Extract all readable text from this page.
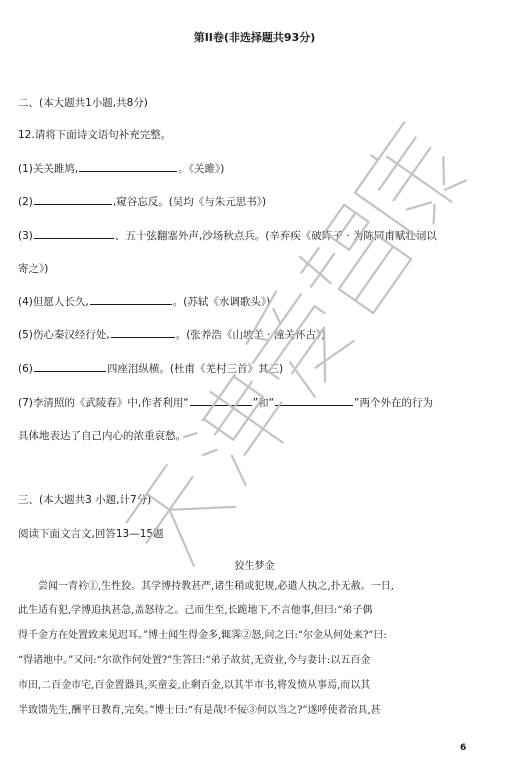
第II卷(非选择题共93分)
二、(本大题共1小题,共8分)
12.请将下面诗文语句补充完整。
(1)关关雎鸠,	。《关雎》)
(2)	,窥谷忘反。(吴均《与朱元思书》)
(3)	、五十弦翻塞外声,沙场秋点兵。(辛弃疾《破阵子 · 为陈同甫赋壮词以
寄之》)
(4)但愿人长久,	。(苏轼《水调歌头》)
(5)伤心秦汉经行处,	。(张养浩《山坡羊 · 潼关怀古》)
(6)	四座泪纵横。(杜甫《羌村三首》其三)
(7)李清照的《武陵春》中,作者利用“	”和“	”两个外在的行为
具体地表达了自己内心的浓重哀愁。
三、(本大题共3 小题,计7分)
阅读下面文言文,回答13—15题
狡生梦金
尝闻一青衿①,生性狡。其学博持教甚严,诸生稍或犯规,必遣人执之,扑无赦。一日,
此生适有犯,学博追执甚急,盖怒待之。己而生至,长跪地下,不言他事,但曰:“弟子偶
得千金方在处置致来见迟耳。”博士闻生得金多,辄霁②怒,问之曰:“尔金从何处来?”曰:
“得诸地中。”又问:“尔欲作何处置?”生答曰:“弟子故贫,无资业,今与妻计:以五百金
市田,二百金市宅,百金置器具,买童妾,止剩百金,以其半市书,将发愤从事焉,而以其
半致馈先生,酬平日教育,完矣。”博士曰:“有是哉!不佞③何以当之?”遂呼使者治具,甚
6
